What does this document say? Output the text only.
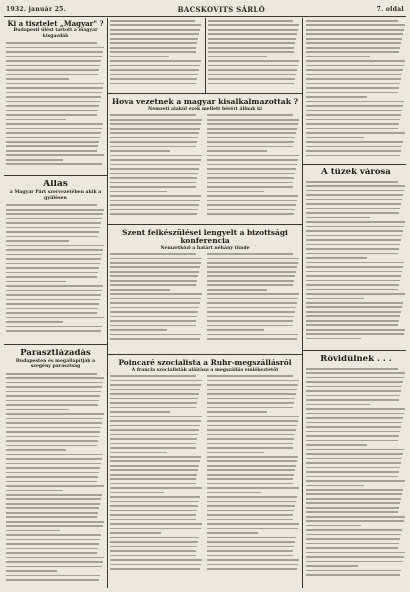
1932. január 25.	BACSKOVITS SÁRLÓ	7. oldal
Ki a tisztelet „Magyar" ?
Budapesti ülést tartott a magyar kisgazdák
Állás
a Magyar Párt szervezetében akik a gyűlésen
Parasztlázadás
Budapesten és megállapítják a szegény parasztság
Hova vezetnek a magyar kisalkalmazottak ?
Nemzeti alakúl ezek mellett bérért állnak ki
Szent felkészülései lengyelt a bizottsági konferencia
Nemzetközi a határt néhány tünde
Poincaré szocialista a Ruhr-megszállásról
A francia szocialisták aláírása a megszállás emlékeztetőt
A tüzek városa
Rövidülnek . . .
